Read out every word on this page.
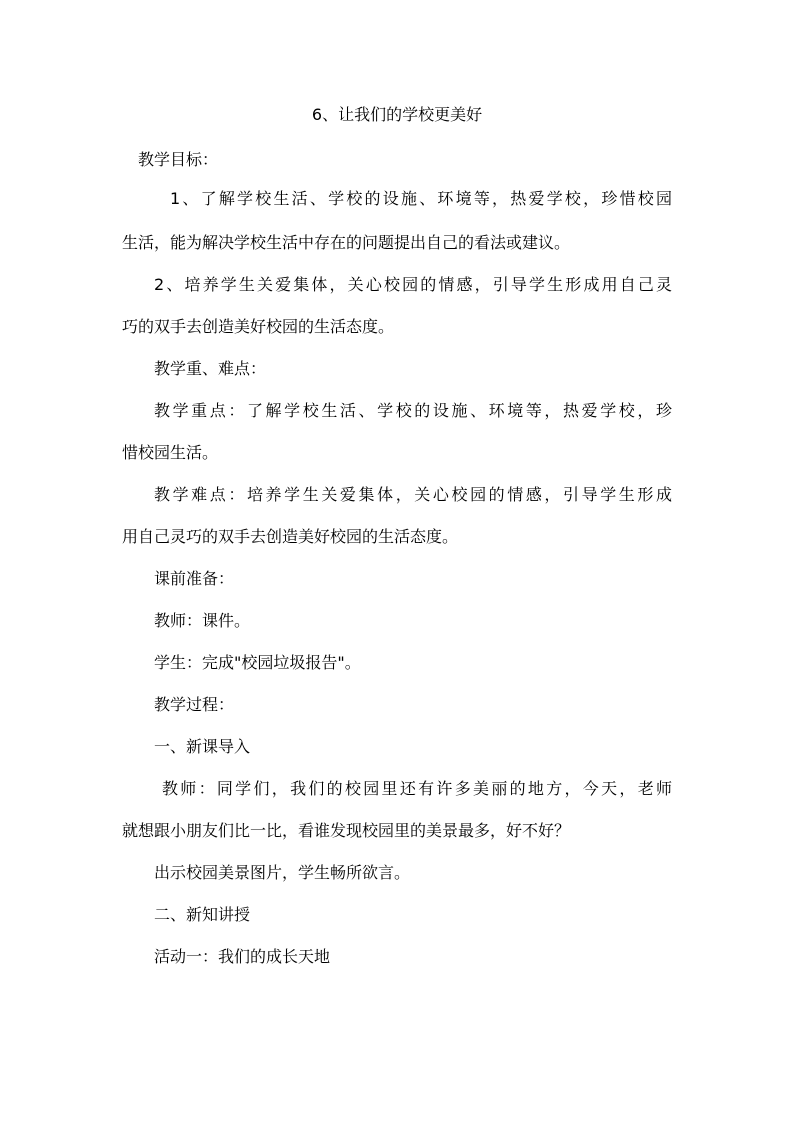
6、让我们的学校更美好
教学目标：
1、了解学校生活、学校的设施、环境等，热爱学校，珍惜校园
生活，能为解决学校生活中存在的问题提出自己的看法或建议。
2、培养学生关爱集体，关心校园的情感，引导学生形成用自己灵
巧的双手去创造美好校园的生活态度。
教学重、难点：
教学重点：了解学校生活、学校的设施、环境等，热爱学校，珍
惜校园生活。
教学难点：培养学生关爱集体，关心校园的情感，引导学生形成
用自己灵巧的双手去创造美好校园的生活态度。
课前准备：
教师：课件。
学生：完成"校园垃圾报告"。
教学过程：
一、新课导入
教师：同学们，我们的校园里还有许多美丽的地方，今天，老师
就想跟小朋友们比一比，看谁发现校园里的美景最多，好不好？
出示校园美景图片，学生畅所欲言。
二、新知讲授
活动一：我们的成长天地
